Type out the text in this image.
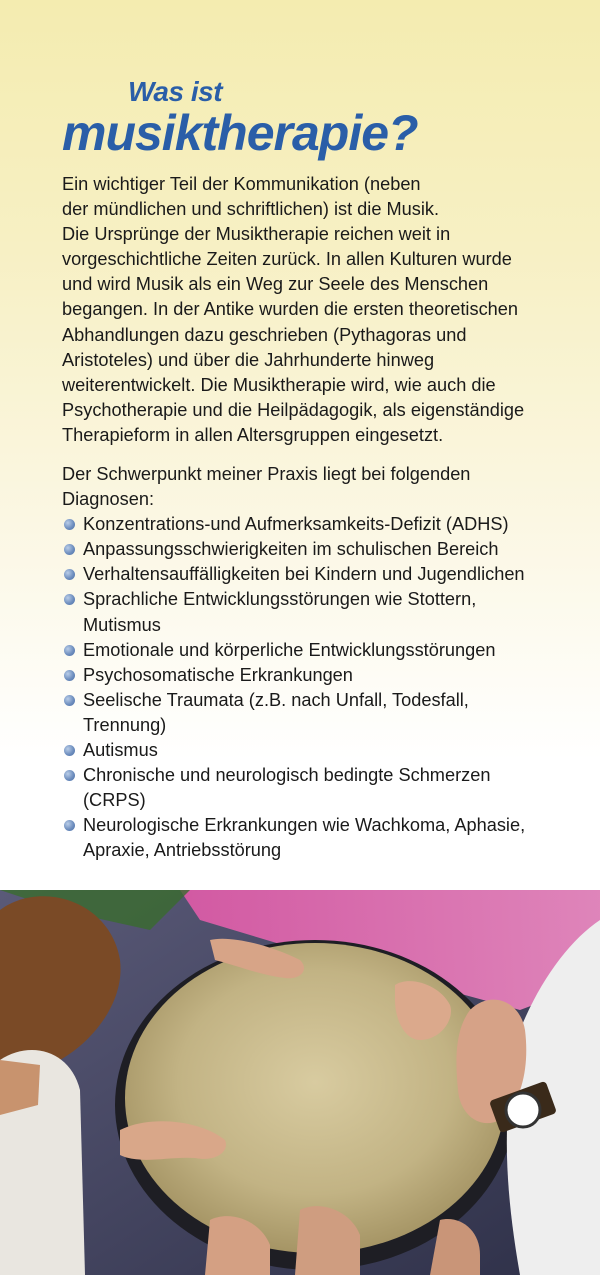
Was ist
musiktherapie?

Ein wichtiger Teil der Kommunikation (neben
der mündlichen und schriftlichen) ist die Musik.
Die Ursprünge der Musiktherapie reichen weit in
vorgeschichtliche Zeiten zurück. In allen Kulturen wurde
und wird Musik als ein Weg zur Seele des Menschen
begangen. In der Antike wurden die ersten theoretischen
Abhandlungen dazu geschrieben (Pythagoras und
Aristoteles) und über die Jahrhunderte hinweg
weiterentwickelt. Die Musiktherapie wird, wie auch die
Psychotherapie und die Heilpädagogik, als eigenständige
Therapieform in allen Altersgruppen eingesetzt.

Der Schwerpunkt meiner Praxis liegt bei folgenden
Diagnosen:

Konzentrations-und Aufmerksamkeits-Defizit (ADHS)
Anpassungsschwierigkeiten im schulischen Bereich
Verhaltensauffälligkeiten bei Kindern und Jugendlichen
Sprachliche Entwicklungsstörungen wie Stottern,
Mutismus
Emotionale und körperliche Entwicklungsstörungen
Psychosomatische Erkrankungen
Seelische Traumata (z.B. nach Unfall, Todesfall,
Trennung)
Autismus
Chronische und neurologisch bedingte Schmerzen
(CRPS)
Neurologische Erkrankungen wie Wachkoma, Aphasie,
Apraxie, Antriebsstörung
